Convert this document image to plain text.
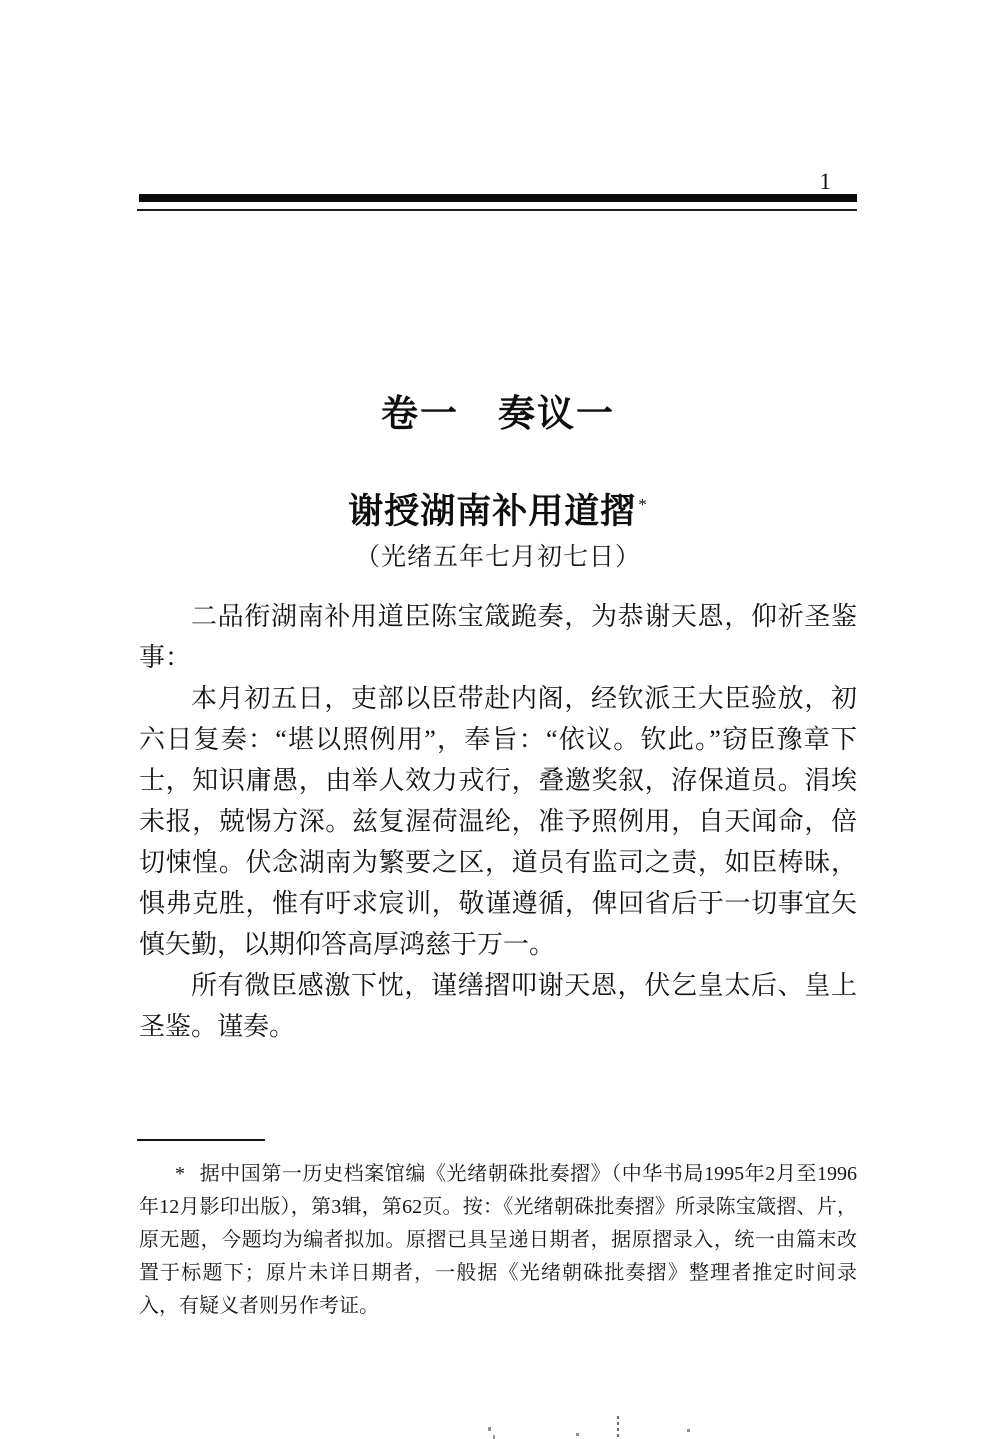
1
卷一　奏议一
谢授湖南补用道摺 *
（光绪五年七月初七日）

二品衔湖南补用道臣陈宝箴跪奏，为恭谢天恩，仰祈圣鉴事：

本月初五日，吏部以臣带赴内阁，经钦派王大臣验放，初六日复奏：“堪以照例用”，奉旨：“依议。钦此。”窃臣豫章下士，知识庸愚，由举人效力戎行，叠邀奖叙，洊保道员。涓埃未报，兢惕方深。兹复渥荷温纶，准予照例用，自天闻命，倍切悚惶。伏念湖南为繁要之区，道员有监司之责，如臣梼昧，惧弗克胜，惟有吁求宸训，敬谨遵循，俾回省后于一切事宜矢慎矢勤，以期仰答高厚鸿慈于万一。

所有微臣感激下忱，谨缮摺叩谢天恩，伏乞皇太后、皇上圣鉴。谨奏。

* 据中国第一历史档案馆编《光绪朝硃批奏摺》（中华书局1995年2月至1996年12月影印出版），第3辑，第62页。按：《光绪朝硃批奏摺》所录陈宝箴摺、片，原无题，今题均为编者拟加。原摺已具呈递日期者，据原摺录入，统一由篇末改置于标题下；原片未详日期者，一般据《光绪朝硃批奏摺》整理者推定时间录入，有疑义者则另作考证。
